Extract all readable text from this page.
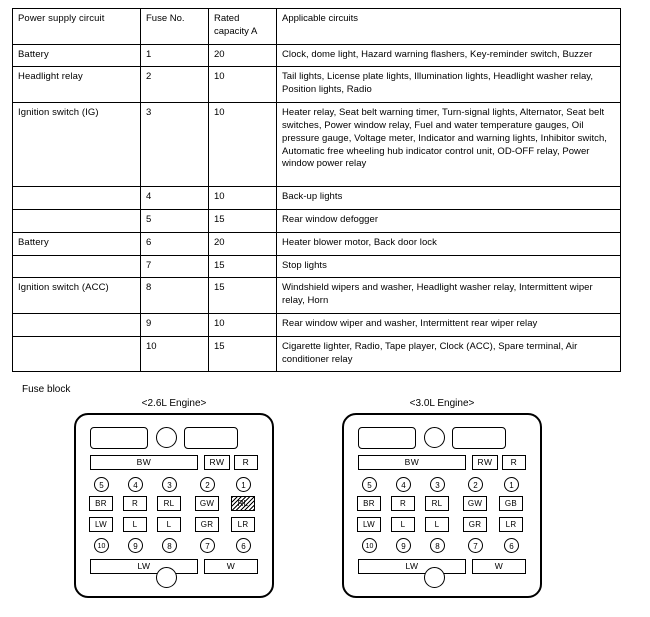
Power supply circuit	Fuse No.	Rated capacity A	Applicable circuits
Battery	1	20	Clock, dome light, Hazard warning flashers, Key-reminder switch, Buzzer
Headlight relay	2	10	Tail lights, License plate lights, Illumination lights, Headlight washer relay, Position lights, Radio
Ignition switch (IG)	3	10	Heater relay, Seat belt warning timer, Turn-signal lights, Alternator, Seat belt switches, Power window relay, Fuel and water temperature gauges, Oil pressure gauge, Voltage meter, Indicator and warning lights, Inhibitor switch, Automatic free wheeling hub indicator control unit, OD-OFF relay, Power window power relay
	4	10	Back-up lights
	5	15	Rear window defogger
Battery	6	20	Heater blower motor, Back door lock
	7	15	Stop lights
Ignition switch (ACC)	8	15	Windshield wipers and washer, Headlight washer relay, Intermittent wiper relay, Horn
	9	10	Rear window wiper and washer, Intermittent rear wiper relay
	10	15	Cigarette lighter, Radio, Tape player, Clock (ACC), Spare terminal, Air conditioner relay
Fuse block
<2.6L Engine>
BW	RW	R
5	4	3	2	1
BR	R	RL	GW	RL
LW	L	L	GR	LR
10	9	8	7	6
LW	W
<3.0L Engine>
BW	RW	R
5	4	3	2	1
BR	R	RL	GW	GB
LW	L	L	GR	LR
10	9	8	7	6
LW	W
